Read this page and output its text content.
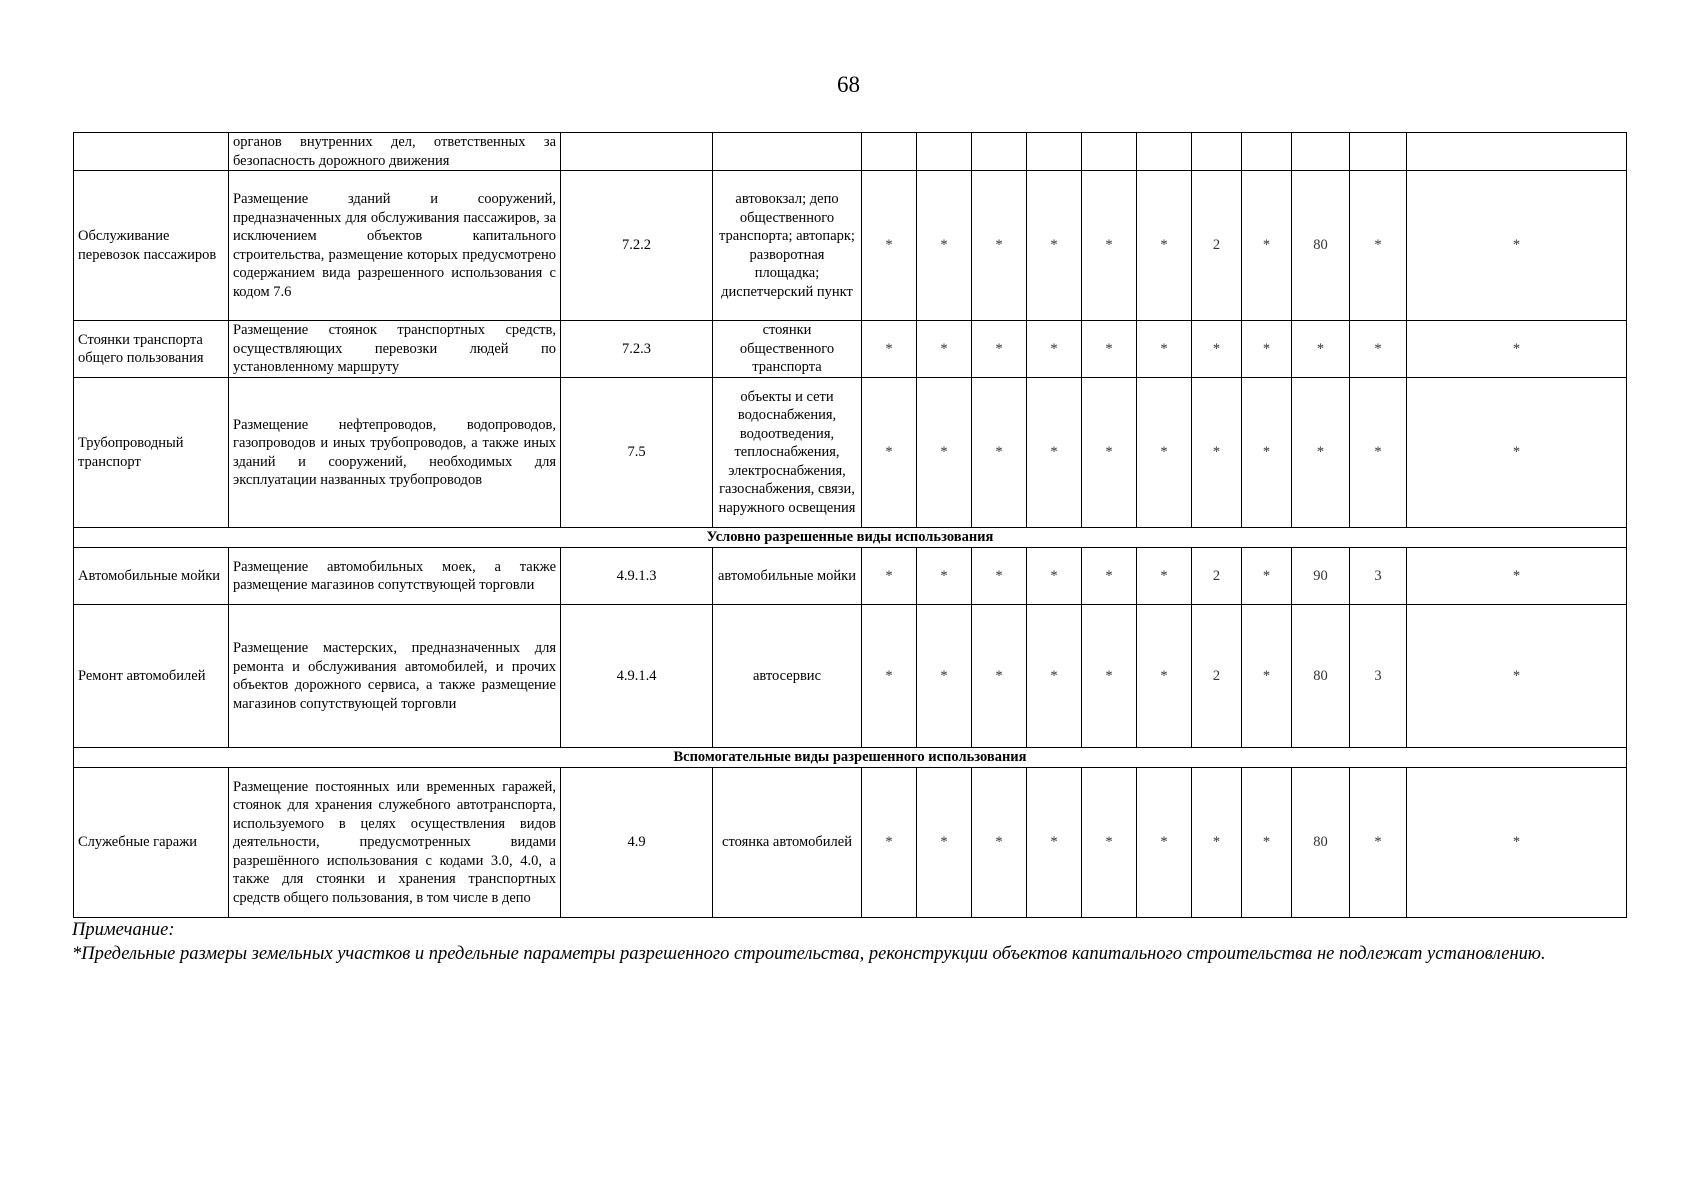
68
	органов внутренних дел, ответственных за безопасность дорожного движения													
Обслуживание перевозок пассажиров	Размещение зданий и сооружений, предназначенных для обслуживания пассажиров, за исключением объектов капитального строительства, размещение которых предусмотрено содержанием вида разрешенного использования с кодом 7.6	7.2.2	автовокзал; депо общественного транспорта; автопарк; разворотная площадка; диспетчерский пункт	*	*	*	*	*	*	2	*	80	*	*
Стоянки транспорта общего пользования	Размещение стоянок транспортных средств, осуществляющих перевозки людей по установленному маршруту	7.2.3	стоянки общественного транспорта	*	*	*	*	*	*	*	*	*	*	*
Трубопроводный транспорт	Размещение нефтепроводов, водопроводов, газопроводов и иных трубопроводов, а также иных зданий и сооружений, необходимых для эксплуатации названных трубопроводов	7.5	объекты и сети водоснабжения, водоотведения, теплоснабжения, электроснабжения, газоснабжения, связи, наружного освещения	*	*	*	*	*	*	*	*	*	*	*
Условно разрешенные виды использования														
Автомобильные мойки	Размещение автомобильных моек, а также размещение магазинов сопутствующей торговли	4.9.1.3	автомобильные мойки	*	*	*	*	*	*	2	*	90	3	*
Ремонт автомобилей	Размещение мастерских, предназначенных для ремонта и обслуживания автомобилей, и прочих объектов дорожного сервиса, а также размещение магазинов сопутствующей торговли	4.9.1.4	автосервис	*	*	*	*	*	*	2	*	80	3	*
Вспомогательные виды разрешенного использования														
Служебные гаражи	Размещение постоянных или временных гаражей, стоянок для хранения служебного автотранспорта, используемого в целях осуществления видов деятельности, предусмотренных видами разрешённого использования с кодами 3.0, 4.0, а также для стоянки и хранения транспортных средств общего пользования, в том числе в депо	4.9	стоянка автомобилей	*	*	*	*	*	*	*	*	80	*	*
Примечание:
*Предельные размеры земельных участков и предельные параметры разрешенного строительства, реконструкции объектов капитального строительства не подлежат установлению.
